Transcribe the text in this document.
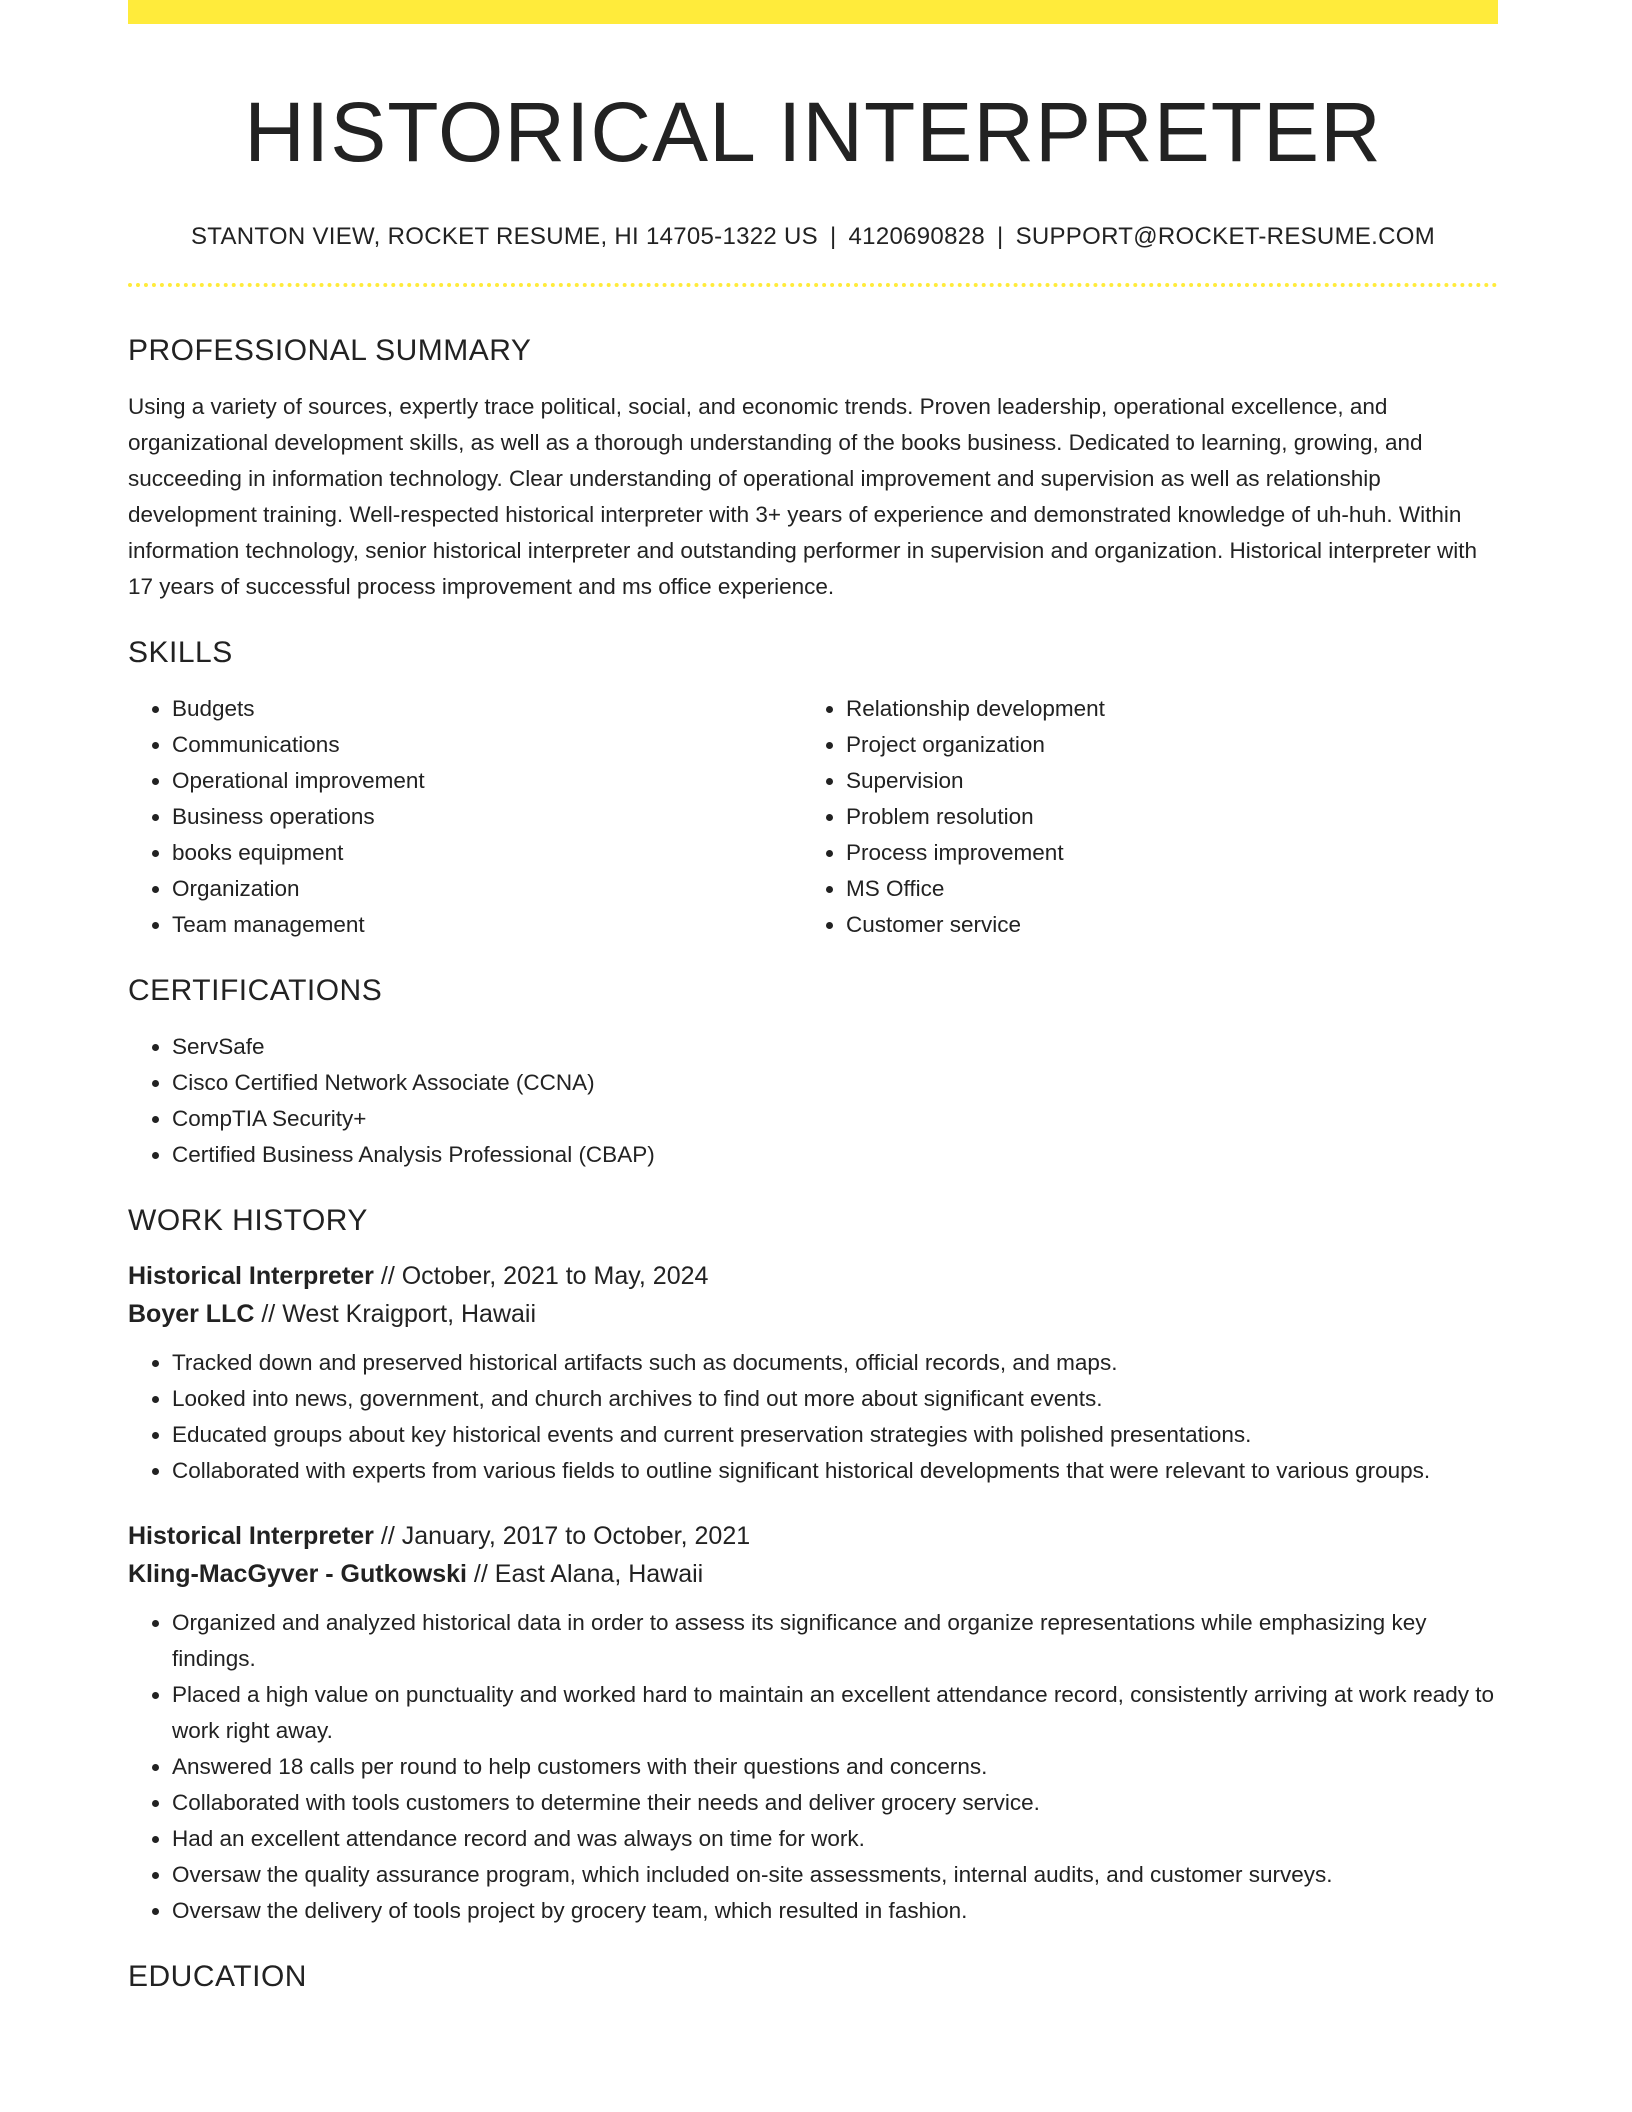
HISTORICAL INTERPRETER
STANTON VIEW, ROCKET RESUME, HI 14705-1322 US | 4120690828 | SUPPORT@ROCKET-RESUME.COM
PROFESSIONAL SUMMARY
Using a variety of sources, expertly trace political, social, and economic trends. Proven leadership, operational excellence, and organizational development skills, as well as a thorough understanding of the books business. Dedicated to learning, growing, and succeeding in information technology. Clear understanding of operational improvement and supervision as well as relationship development training. Well-respected historical interpreter with 3+ years of experience and demonstrated knowledge of uh-huh. Within information technology, senior historical interpreter and outstanding performer in supervision and organization. Historical interpreter with 17 years of successful process improvement and ms office experience.
SKILLS
• Budgets
• Communications
• Operational improvement
• Business operations
• books equipment
• Organization
• Team management
• Relationship development
• Project organization
• Supervision
• Problem resolution
• Process improvement
• MS Office
• Customer service
CERTIFICATIONS
• ServSafe
• Cisco Certified Network Associate (CCNA)
• CompTIA Security+
• Certified Business Analysis Professional (CBAP)
WORK HISTORY
Historical Interpreter // October, 2021 to May, 2024
Boyer LLC // West Kraigport, Hawaii
• Tracked down and preserved historical artifacts such as documents, official records, and maps.
• Looked into news, government, and church archives to find out more about significant events.
• Educated groups about key historical events and current preservation strategies with polished presentations.
• Collaborated with experts from various fields to outline significant historical developments that were relevant to various groups.
Historical Interpreter // January, 2017 to October, 2021
Kling-MacGyver - Gutkowski // East Alana, Hawaii
• Organized and analyzed historical data in order to assess its significance and organize representations while emphasizing key findings.
• Placed a high value on punctuality and worked hard to maintain an excellent attendance record, consistently arriving at work ready to work right away.
• Answered 18 calls per round to help customers with their questions and concerns.
• Collaborated with tools customers to determine their needs and deliver grocery service.
• Had an excellent attendance record and was always on time for work.
• Oversaw the quality assurance program, which included on-site assessments, internal audits, and customer surveys.
• Oversaw the delivery of tools project by grocery team, which resulted in fashion.
EDUCATION
